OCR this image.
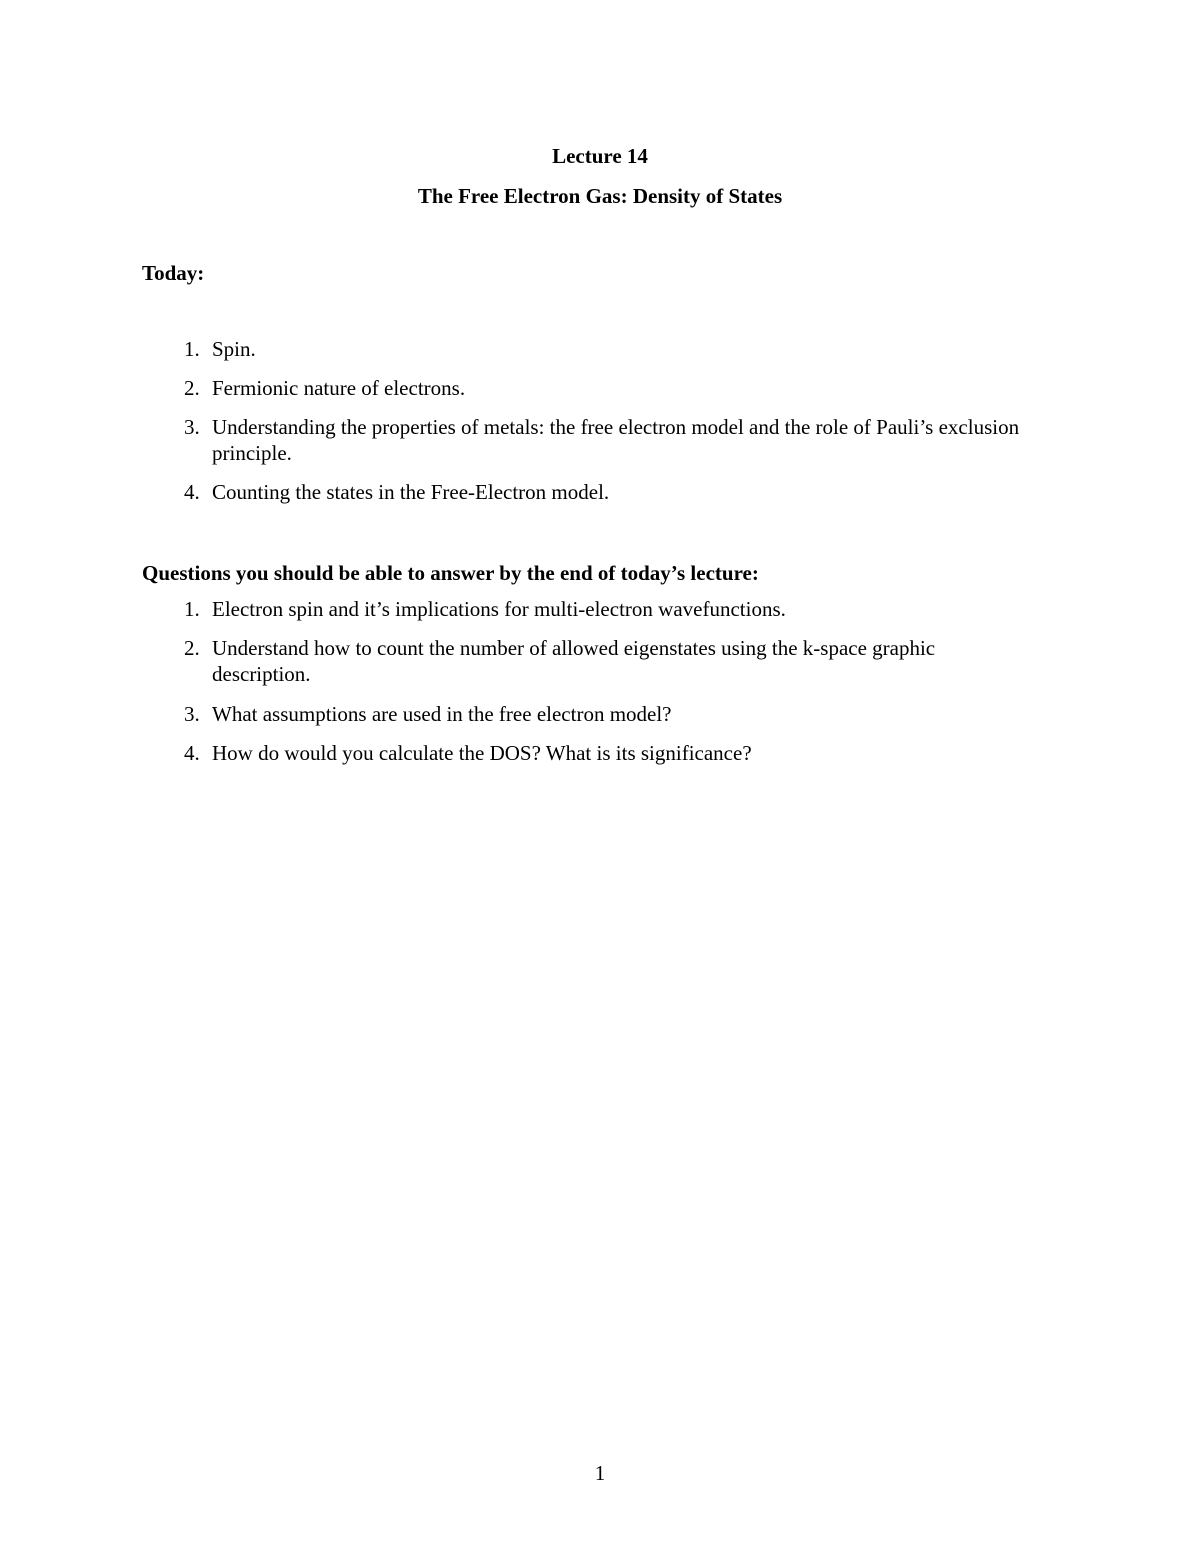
Lecture 14
The Free Electron Gas: Density of States
Today:
1. Spin.
2. Fermionic nature of electrons.
3. Understanding the properties of metals: the free electron model and the role of Pauli’s exclusion principle.
4. Counting the states in the Free-Electron model.
Questions you should be able to answer by the end of today’s lecture:
1. Electron spin and it’s implications for multi-electron wavefunctions.
2. Understand how to count the number of allowed eigenstates using the k-space graphic description.
3. What assumptions are used in the free electron model?
4. How do would you calculate the DOS? What is its significance?
1
